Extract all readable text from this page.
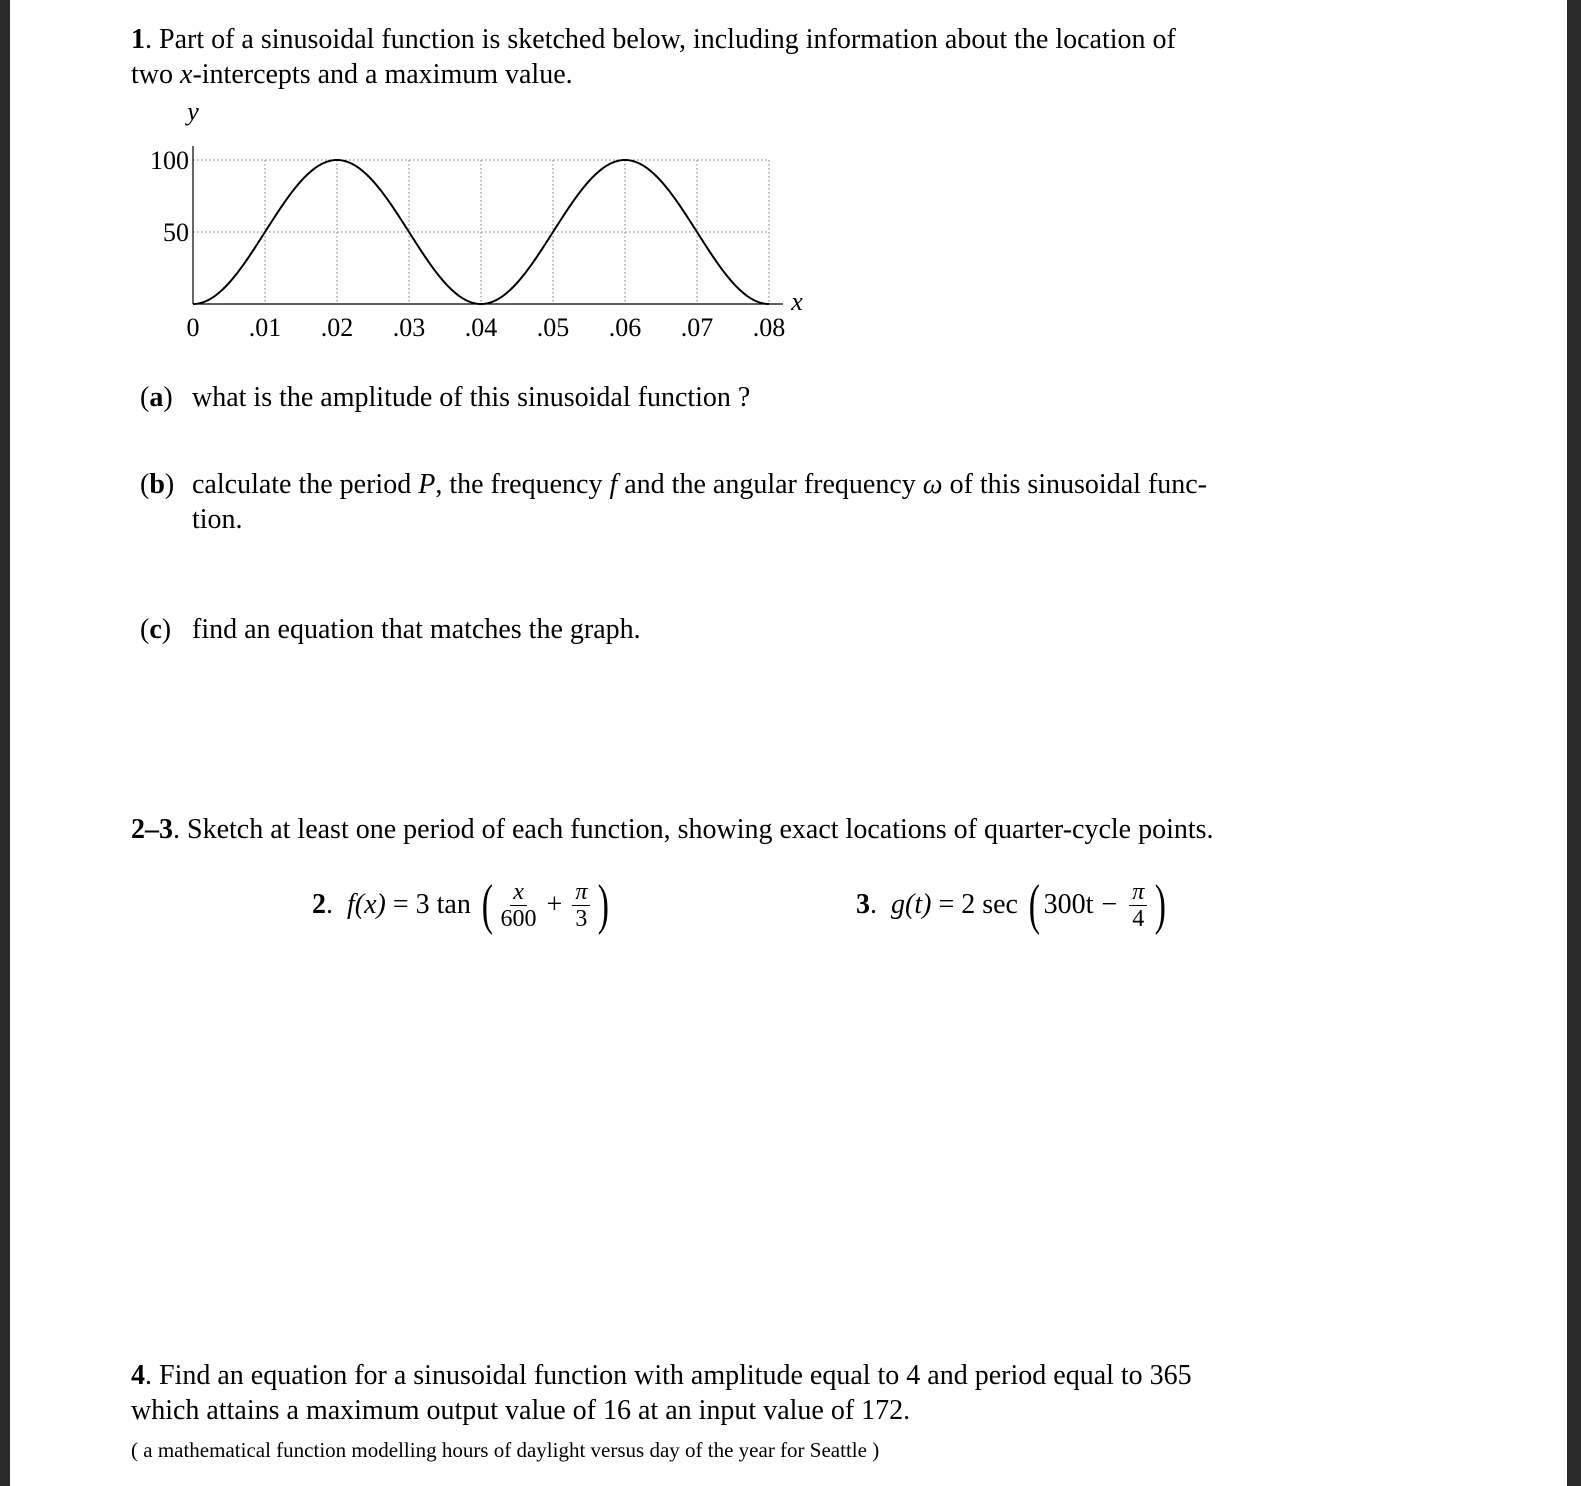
1. Part of a sinusoidal function is sketched below, including information about the location of
two x-intercepts and a maximum value.
0 .01 .02 .03 .04 .05 .06 .07 .08
50
100
x
y
(a) what is the amplitude of this sinusoidal function ?
(b) calculate the period P, the frequency f and the angular frequency ω of this sinusoidal func-
tion.
(c) find an equation that matches the graph.
2–3. Sketch at least one period of each function, showing exact locations of quarter-cycle points.
2 . f(x) = 3 tan ( $\frac{x}{600} + \frac{\pi}{3}$ )	3 . g(t) = 2 sec ( $300t - \frac{\pi}{4}$ )
4. Find an equation for a sinusoidal function with amplitude equal to 4 and period equal to 365
which attains a maximum output value of 16 at an input value of 172.
( a mathematical function modelling hours of daylight versus day of the year for Seattle )
